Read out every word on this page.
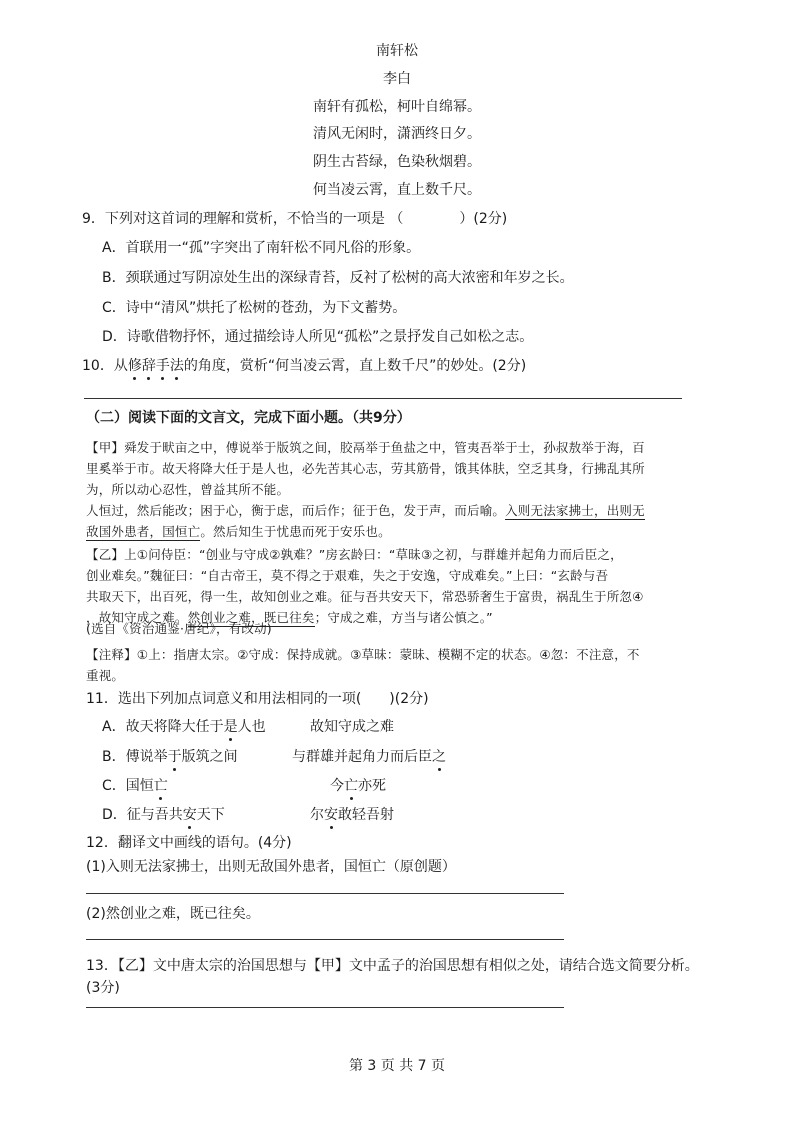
南轩松
李白
南轩有孤松，柯叶自绵幂。
清风无闲时，潇洒终日夕。
阴生古苔绿，色染秋烟碧。
何当凌云霄，直上数千尺。
9．下列对这首词的理解和赏析，不恰当的一项是 （　　　　）(2分)
A．首联用一“孤”字突出了南轩松不同凡俗的形象。
B．颈联通过写阴凉处生出的深绿青苔，反衬了松树的高大浓密和年岁之长。
C．诗中“清风”烘托了松树的苍劲，为下文蓄势。
D．诗歌借物抒怀，通过描绘诗人所见“孤松”之景抒发自己如松之志。
10．从修辞手法的角度，赏析“何当凌云霄，直上数千尺”的妙处。(2分)
（二）阅读下面的文言文，完成下面小题。（共9分）
【甲】舜发于畎亩之中，傅说举于版筑之间，胶鬲举于鱼盐之中，管夷吾举于士，孙叔敖举于海，百
里奚举于市。故天将降大任于是人也，必先苦其心志，劳其筋骨，饿其体肤，空乏其身，行拂乱其所
为，所以动心忍性，曾益其所不能。
人恒过，然后能改；困于心，衡于虑，而后作；征于色，发于声，而后喻。入则无法家拂士，出则无
敌国外患者，国恒亡。然后知生于忧患而死于安乐也。
【乙】上①问侍臣：“创业与守成②孰难？”房玄龄曰：“草昧③之初，与群雄并起角力而后臣之，
创业难矣。”魏征曰：“自古帝王，莫不得之于艰难，失之于安逸，守成难矣。”上曰：“玄龄与吾
共取天下，出百死，得一生，故知创业之难。征与吾共安天下，常恐骄奢生于富贵，祸乱生于所忽④
，故知守成之难。然创业之难，既已往矣；守成之难，方当与诸公慎之。”
(选自《资治通鉴·唐纪》，有改动)
【注释】①上：指唐太宗。②守成：保持成就。③草昧：蒙昧、模糊不定的状态。④忽：不注意，不
重视。
11．选出下列加点词意义和用法相同的一项(　　)(2分)
A．故天将降大任于是人也	故知守成之难
B．傅说举于版筑之间	与群雄并起角力而后臣之
C．国恒亡	今亡亦死
D．征与吾共安天下	尔安敢轻吾射
12．翻译文中画线的语句。(4分)
(1)入则无法家拂士，出则无敌国外患者，国恒亡（原创题）
(2)然创业之难，既已往矣。
13．【乙】文中唐太宗的治国思想与【甲】文中孟子的治国思想有相似之处，请结合选文简要分析。
(3分)
第 3 页 共 7 页
